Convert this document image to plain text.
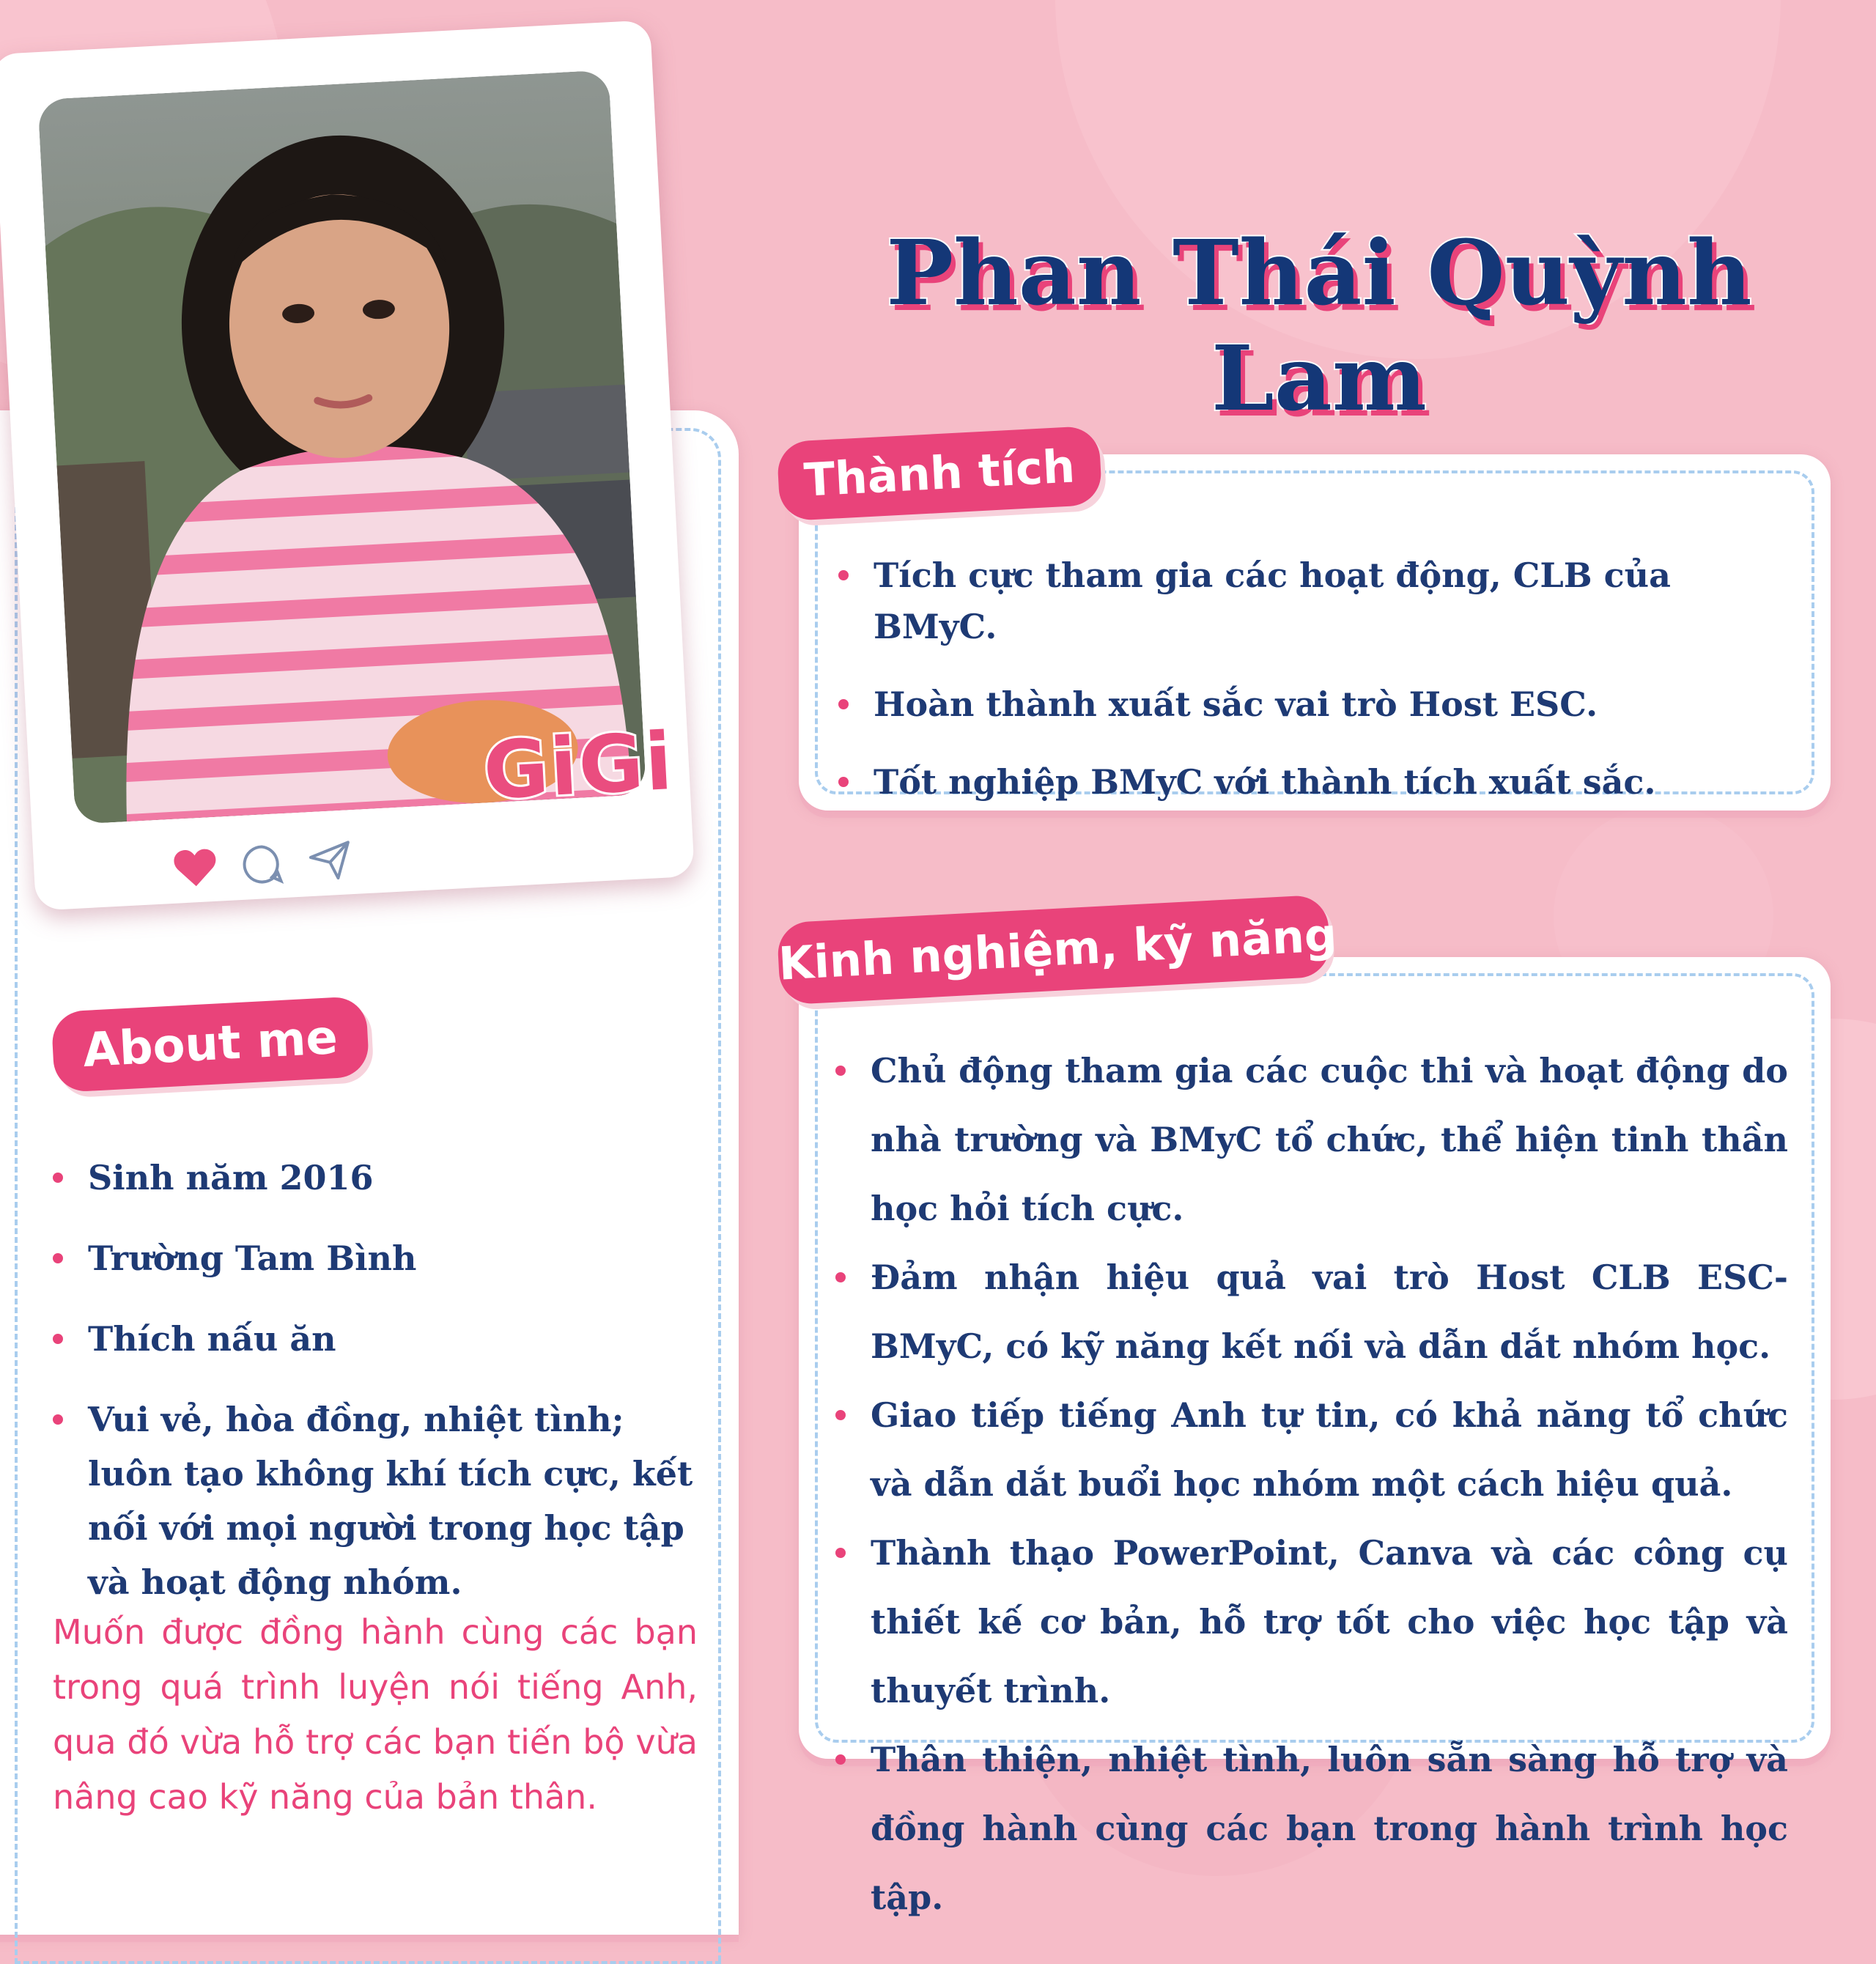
About me
Sinh năm 2016
Trường Tam Bình
Thích nấu ăn
Vui vẻ, hòa đồng, nhiệt tình; luôn tạo không khí tích cực, kết nối với mọi người trong học tập và hoạt động nhóm.

Muốn được đồng hành cùng các bạn trong quá trình luyện nói tiếng Anh, qua đó vừa hỗ trợ các bạn tiến bộ vừa nâng cao kỹ năng của bản thân.

GiGi
Phan Thái Quỳnh Lam
Thành tích
Tích cực tham gia các hoạt động, CLB của BMyC.
Hoàn thành xuất sắc vai trò Host ESC.
Tốt nghiệp BMyC với thành tích xuất sắc.
Kinh nghiệm, kỹ năng
Chủ động tham gia các cuộc thi và hoạt động do nhà trường và BMyC tổ chức, thể hiện tinh thần học hỏi tích cực.
Đảm nhận hiệu quả vai trò Host CLB ESC- BMyC, có kỹ năng kết nối và dẫn dắt nhóm học.
Giao tiếp tiếng Anh tự tin, có khả năng tổ chức và dẫn dắt buổi học nhóm một cách hiệu quả.
Thành thạo PowerPoint, Canva và các công cụ thiết kế cơ bản, hỗ trợ tốt cho việc học tập và thuyết trình.
Thân thiện, nhiệt tình, luôn sẵn sàng hỗ trợ và đồng hành cùng các bạn trong hành trình học tập.
